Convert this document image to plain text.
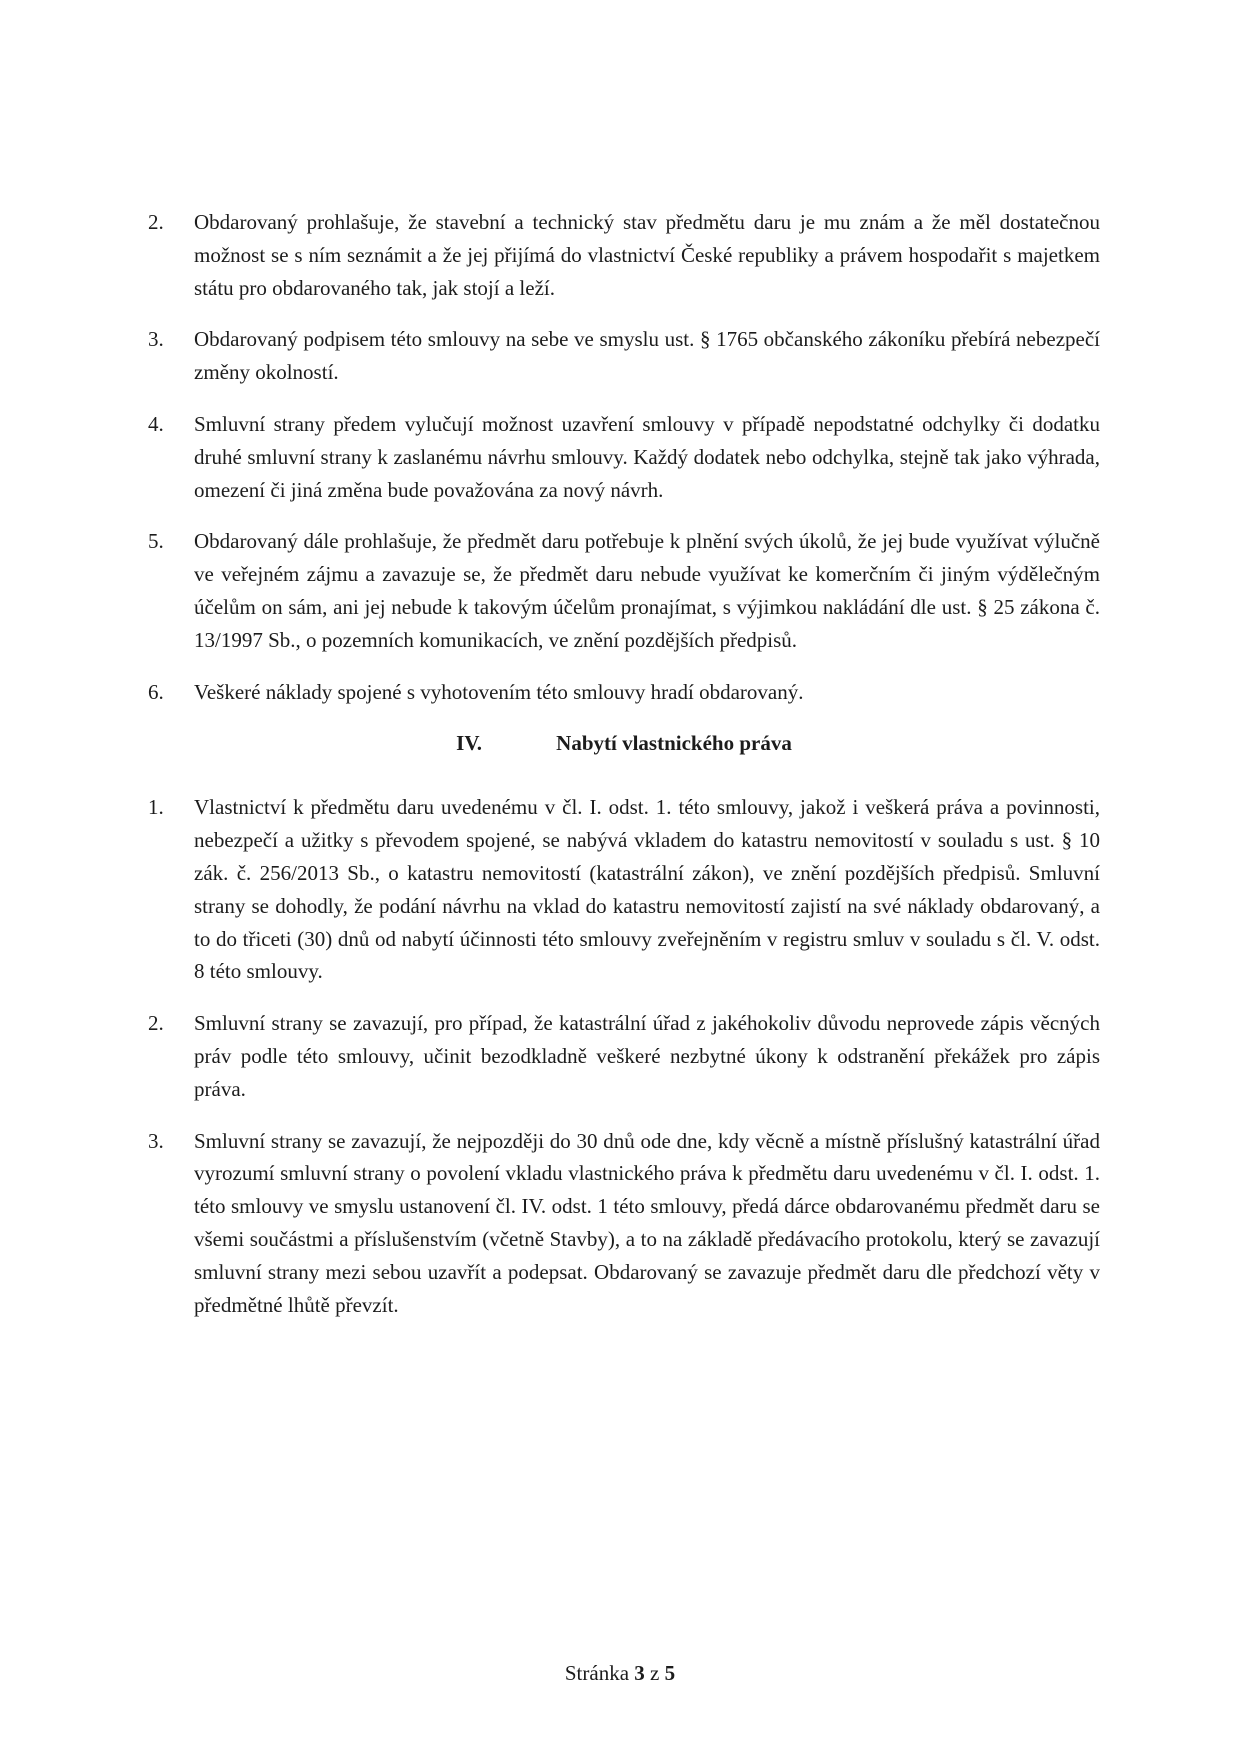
2.	Obdarovaný prohlašuje, že stavební a technický stav předmětu daru je mu znám a že měl dostatečnou možnost se s ním seznámit a že jej přijímá do vlastnictví České republiky a právem hospodařit s majetkem státu pro obdarovaného tak, jak stojí a leží.
3.	Obdarovaný podpisem této smlouvy na sebe ve smyslu ust. § 1765 občanského zákoníku přebírá nebezpečí změny okolností.
4.	Smluvní strany předem vylučují možnost uzavření smlouvy v případě nepodstatné odchylky či dodatku druhé smluvní strany k zaslanému návrhu smlouvy. Každý dodatek nebo odchylka, stejně tak jako výhrada, omezení či jiná změna bude považována za nový návrh.
5.	Obdarovaný dále prohlašuje, že předmět daru potřebuje k plnění svých úkolů, že jej bude využívat výlučně ve veřejném zájmu a zavazuje se, že předmět daru nebude využívat ke komerčním či jiným výdělečným účelům on sám, ani jej nebude k takovým účelům pronajímat, s výjimkou nakládání dle ust. § 25 zákona č. 13/1997 Sb., o pozemních komunikacích, ve znění pozdějších předpisů.
6.	Veškeré náklady spojené s vyhotovením této smlouvy hradí obdarovaný.
IV.	Nabytí vlastnického práva
1.	Vlastnictví k předmětu daru uvedenému v čl. I. odst. 1. této smlouvy, jakož i veškerá práva a povinnosti, nebezpečí a užitky s převodem spojené, se nabývá vkladem do katastru nemovitostí v souladu s ust. § 10 zák. č. 256/2013 Sb., o katastru nemovitostí (katastrální zákon), ve znění pozdějších předpisů. Smluvní strany se dohodly, že podání návrhu na vklad do katastru nemovitostí zajistí na své náklady obdarovaný, a to do třiceti (30) dnů od nabytí účinnosti této smlouvy zveřejněním v registru smluv v souladu s čl. V. odst. 8 této smlouvy.
2.	Smluvní strany se zavazují, pro případ, že katastrální úřad z jakéhokoliv důvodu neprovede zápis věcných práv podle této smlouvy, učinit bezodkladně veškeré nezbytné úkony k odstranění překážek pro zápis práva.
3.	Smluvní strany se zavazují, že nejpozději do 30 dnů ode dne, kdy věcně a místně příslušný katastrální úřad vyrozumí smluvní strany o povolení vkladu vlastnického práva k předmětu daru uvedenému v čl. I. odst. 1. této smlouvy ve smyslu ustanovení čl. IV. odst. 1 této smlouvy, předá dárce obdarovanému předmět daru se všemi součástmi a příslušenstvím (včetně Stavby), a to na základě předávacího protokolu, který se zavazují smluvní strany mezi sebou uzavřít a podepsat. Obdarovaný se zavazuje předmět daru dle předchozí věty v předmětné lhůtě převzít.
Stránka 3 z 5
